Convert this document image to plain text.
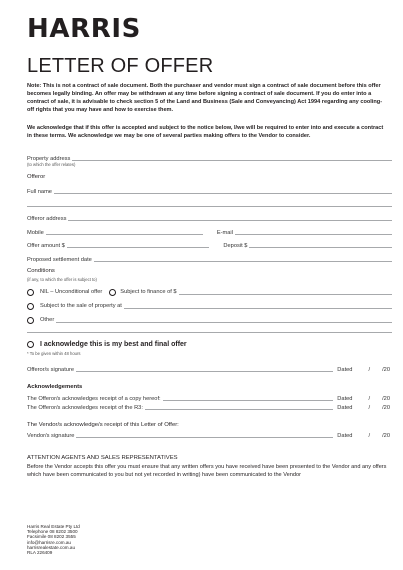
HARRIS
LETTER OF OFFER
Note: This is not a contract of sale document. Both the purchaser and vendor must sign a contract of sale document before this offer becomes legally binding. An offer may be withdrawn at any time before signing a contract of sale document. If you do enter into a contract of sale, it is advisable to check section 5 of the Land and Business (Sale and Conveyancing) Act 1994 regarding any cooling-off rights that you may have and how to exercise them.
We acknowledge that if this offer is accepted and subject to the notice below, I/we will be required to enter into and execute a contract in these terms. We acknowledge we may be one of several parties making offers to the Vendor to consider.
Property address
(to which the offer relates)
Offeror
Full name
Offeror address
Mobile	E-mail
Offer amount $	Deposit $
Proposed settlement date
Conditions
(if any, to which the offer is subject to)
NIL – Unconditional offer	Subject to finance of $
Subject to the sale of property at
Other
I acknowledge this is my best and final offer
* To be given within 48 hours
Offeror/s signature	Dated	/	/20
Acknowledgements
The Offeror/s acknowledges receipt of a copy hereof:	Dated	/	/20
The Offeror/s acknowledges receipt of the R3:	Dated	/	/20
The Vendor/s acknowledge/s receipt of this Letter of Offer:
Vendor/s signature	Dated	/	/20
ATTENTION AGENTS AND SALES REPRESENTATIVES
Before the Vendor accepts this offer you must ensure that any written offers you have received have been presented to the Vendor and any offers which have been communicated to you but not yet recorded in writing) have been communicated to the Vendor
Harris Real Estate Pty Ltd
Telephone 08 8202 3500
Facsimile 08 8202 3555
info@harrisre.com.au
harrisrealestate.com.au
RLA 226409
